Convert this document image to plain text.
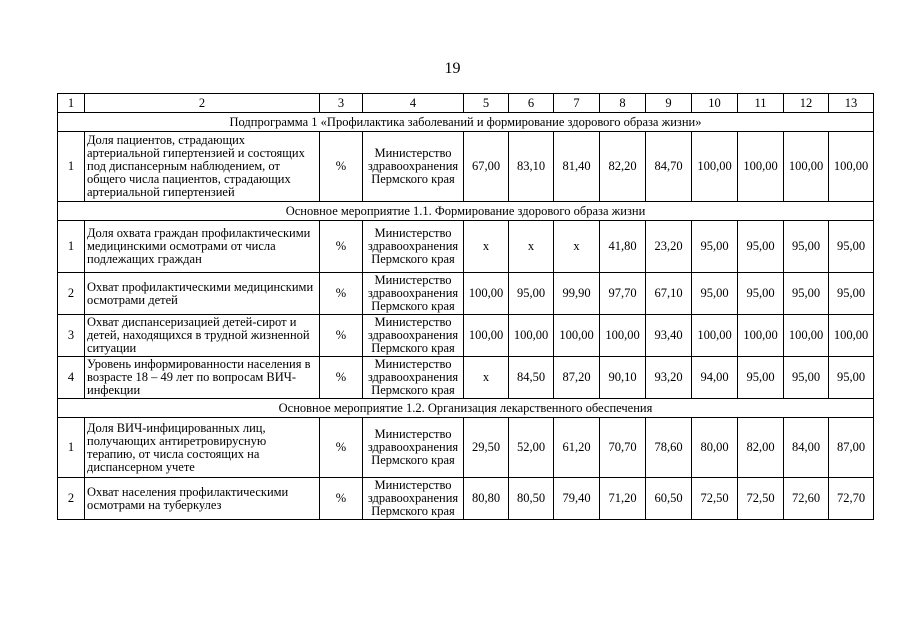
19
1	2	3	4	5	6	7	8	9	10	11	12	13
Подпрограмма 1 «Профилактика заболеваний и формирование здорового образа жизни»												
1	Доля пациентов, страдающих артериальной гипертензией и состоящих под диспансерным наблюдением, от общего числа пациентов, страдающих артериальной гипертензией	%	Министерство здравоохранения Пермского края	67,00	83,10	81,40	82,20	84,70	100,00	100,00	100,00	100,00
Основное мероприятие 1.1. Формирование здорового образа жизни												
1	Доля охвата граждан профилактическими медицинскими осмотрами от числа подлежащих граждан	%	Министерство здравоохранения Пермского края	х	х	х	41,80	23,20	95,00	95,00	95,00	95,00
2	Охват профилактическими медицинскими осмотрами детей	%	Министерство здравоохранения Пермского края	100,00	95,00	99,90	97,70	67,10	95,00	95,00	95,00	95,00
3	Охват диспансеризацией детей-сирот и детей, находящихся в трудной жизненной ситуации	%	Министерство здравоохранения Пермского края	100,00	100,00	100,00	100,00	93,40	100,00	100,00	100,00	100,00
4	Уровень информированности населения в возрасте 18 – 49 лет по вопросам ВИЧ-инфекции	%	Министерство здравоохранения Пермского края	х	84,50	87,20	90,10	93,20	94,00	95,00	95,00	95,00
Основное мероприятие 1.2. Организация лекарственного обеспечения												
1	Доля ВИЧ-инфицированных лиц, получающих антиретровирусную терапию, от числа состоящих на диспансерном учете	%	Министерство здравоохранения Пермского края	29,50	52,00	61,20	70,70	78,60	80,00	82,00	84,00	87,00
2	Охват населения профилактическими осмотрами на туберкулез	%	Министерство здравоохранения Пермского края	80,80	80,50	79,40	71,20	60,50	72,50	72,50	72,60	72,70
